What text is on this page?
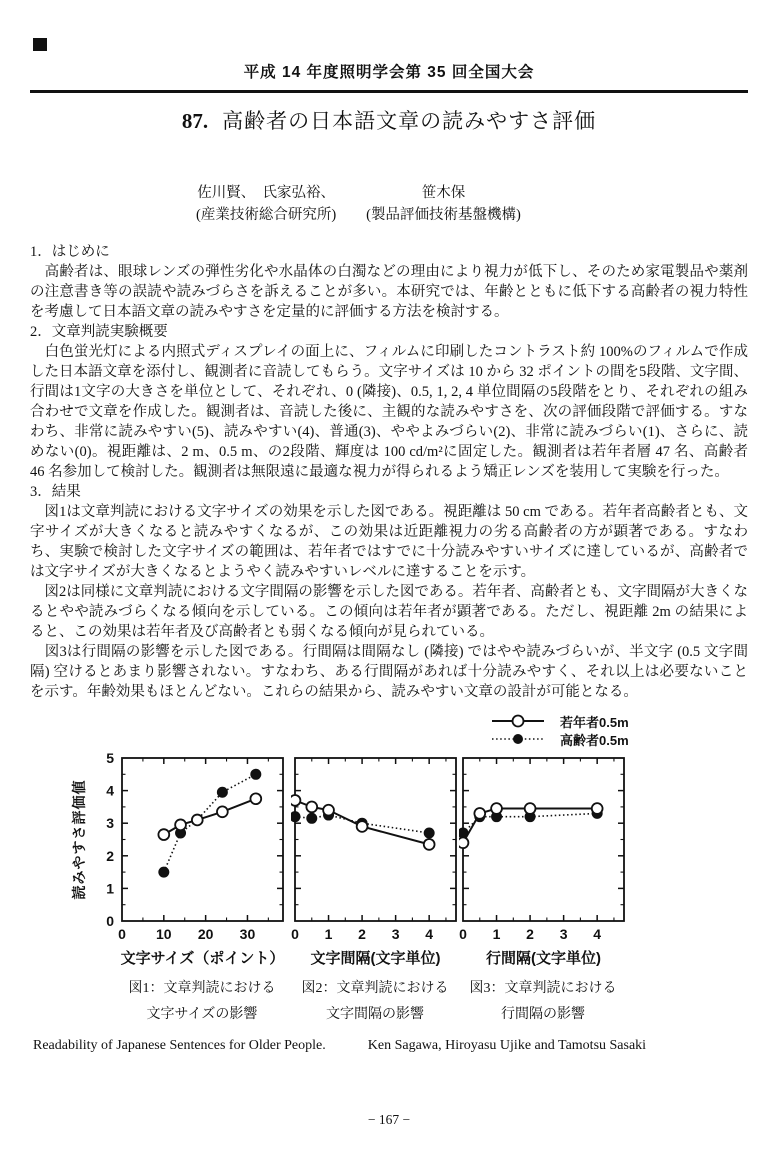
平成 14 年度照明学会第 35 回全国大会
87. 高齢者の日本語文章の読みやすさ評価
佐川賢、　氏家弘裕、
(産業技術総合研究所)
笹木保
(製品評価技術基盤機構)
1．はじめに

　高齢者は、眼球レンズの弾性劣化や水晶体の白濁などの理由により視力が低下し、そのため家電製品や薬剤の注意書き等の誤読や読みづらさを訴えることが多い。本研究では、年齢とともに低下する高齢者の視力特性を考慮して日本語文章の読みやすさを定量的に評価する方法を検討する。

2．文章判読実験概要

　白色蛍光灯による内照式ディスプレイの面上に、フィルムに印刷したコントラスト約 100%のフィルムで作成した日本語文章を添付し、観測者に音読してもらう。文字サイズは 10 から 32 ポイントの間を5段階、文字間、行間は1文字の大きさを単位として、それぞれ、0 (隣接)、0.5, 1, 2, 4 単位間隔の5段階をとり、それぞれの組み合わせで文章を作成した。観測者は、音読した後に、主観的な読みやすさを、次の評価段階で評価する。すなわち、非常に読みやすい(5)、読みやすい(4)、普通(3)、ややよみづらい(2)、非常に読みづらい(1)、さらに、読めない(0)。視距離は、2 m、0.5 m、の2段階、輝度は 100 cd/m²に固定した。観測者は若年者層 47 名、高齢者 46 名参加して検討した。観測者は無限遠に最適な視力が得られるよう矯正レンズを装用して実験を行った。

3．結果

　図1は文章判読における文字サイズの効果を示した図である。視距離は 50 cm である。若年者高齢者とも、文字サイズが大きくなると読みやすくなるが、この効果は近距離視力の劣る高齢者の方が顕著である。すなわち、実験で検討した文字サイズの範囲は、若年者ではすでに十分読みやすいサイズに達しているが、高齢者では文字サイズが大きくなるとようやく読みやすいレベルに達することを示す。

　図2は同様に文章判読における文字間隔の影響を示した図である。若年者、高齢者とも、文字間隔が大きくなるとやや読みづらくなる傾向を示している。この傾向は若年者が顕著である。ただし、視距離 2m の結果によると、この効果は若年者及び高齢者とも弱くなる傾向が見られている。

　図3は行間隔の影響を示した図である。行間隔は間隔なし (隣接) ではやや読みづらいが、半文字 (0.5 文字間隔) 空けるとあまり影響されない。すなわち、ある行間隔があれば十分読みやすく、それ以上は必要ないことを示す。年齢効果もほとんどない。これらの結果から、読みやすい文章の設計が可能となる。

若年者0.5m
高齢者0.5m
0 10 20 30
0
1
2
3
4
5
文字サイズ（ポイント）
読みやすさ評価値
0 1 2 3 4
文字間隔(文字単位)
0 1 2 3 4
行間隔(文字単位)
図1：文章判読における
文字サイズの影響
図2：文章判読における
文字間隔の影響
図3：文章判読における
行間隔の影響
Readability of Japanese Sentences for Older People.	Ken Sagawa, Hiroyasu Ujike and Tamotsu Sasaki
− 167 −
